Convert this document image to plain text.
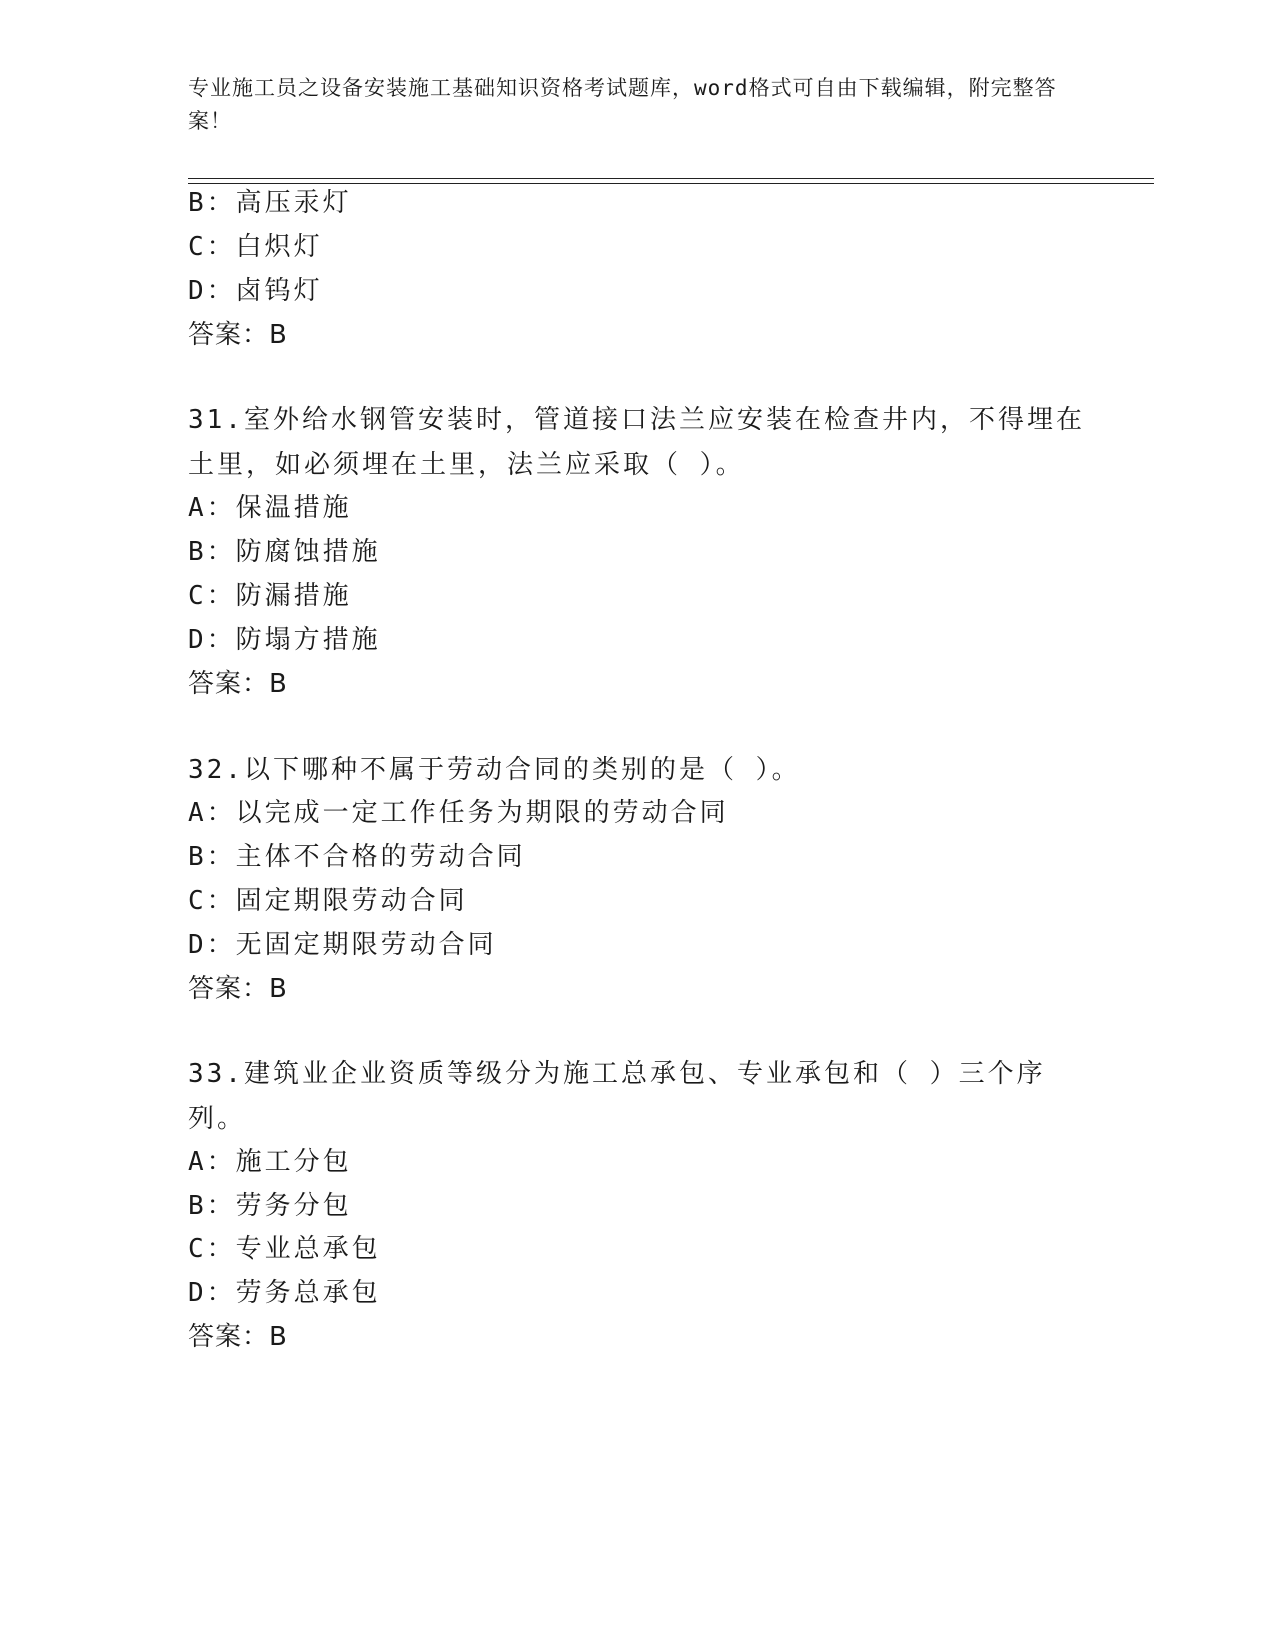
专业施工员之设备安装施工基础知识资格考试题库，word格式可自由下载编辑，附完整答案！
B：高压汞灯
C：白炽灯
D：卤钨灯
答案：B
31.室外给水钢管安装时，管道接口法兰应安装在检查井内，不得埋在土里，如必须埋在土里，法兰应采取（ ）。
A：保温措施
B：防腐蚀措施
C：防漏措施
D：防塌方措施
答案：B
32.以下哪种不属于劳动合同的类别的是（ ）。
A：以完成一定工作任务为期限的劳动合同
B：主体不合格的劳动合同
C：固定期限劳动合同
D：无固定期限劳动合同
答案：B
33.建筑业企业资质等级分为施工总承包、专业承包和（ ）三个序列。
A：施工分包
B：劳务分包
C：专业总承包
D：劳务总承包
答案：B
